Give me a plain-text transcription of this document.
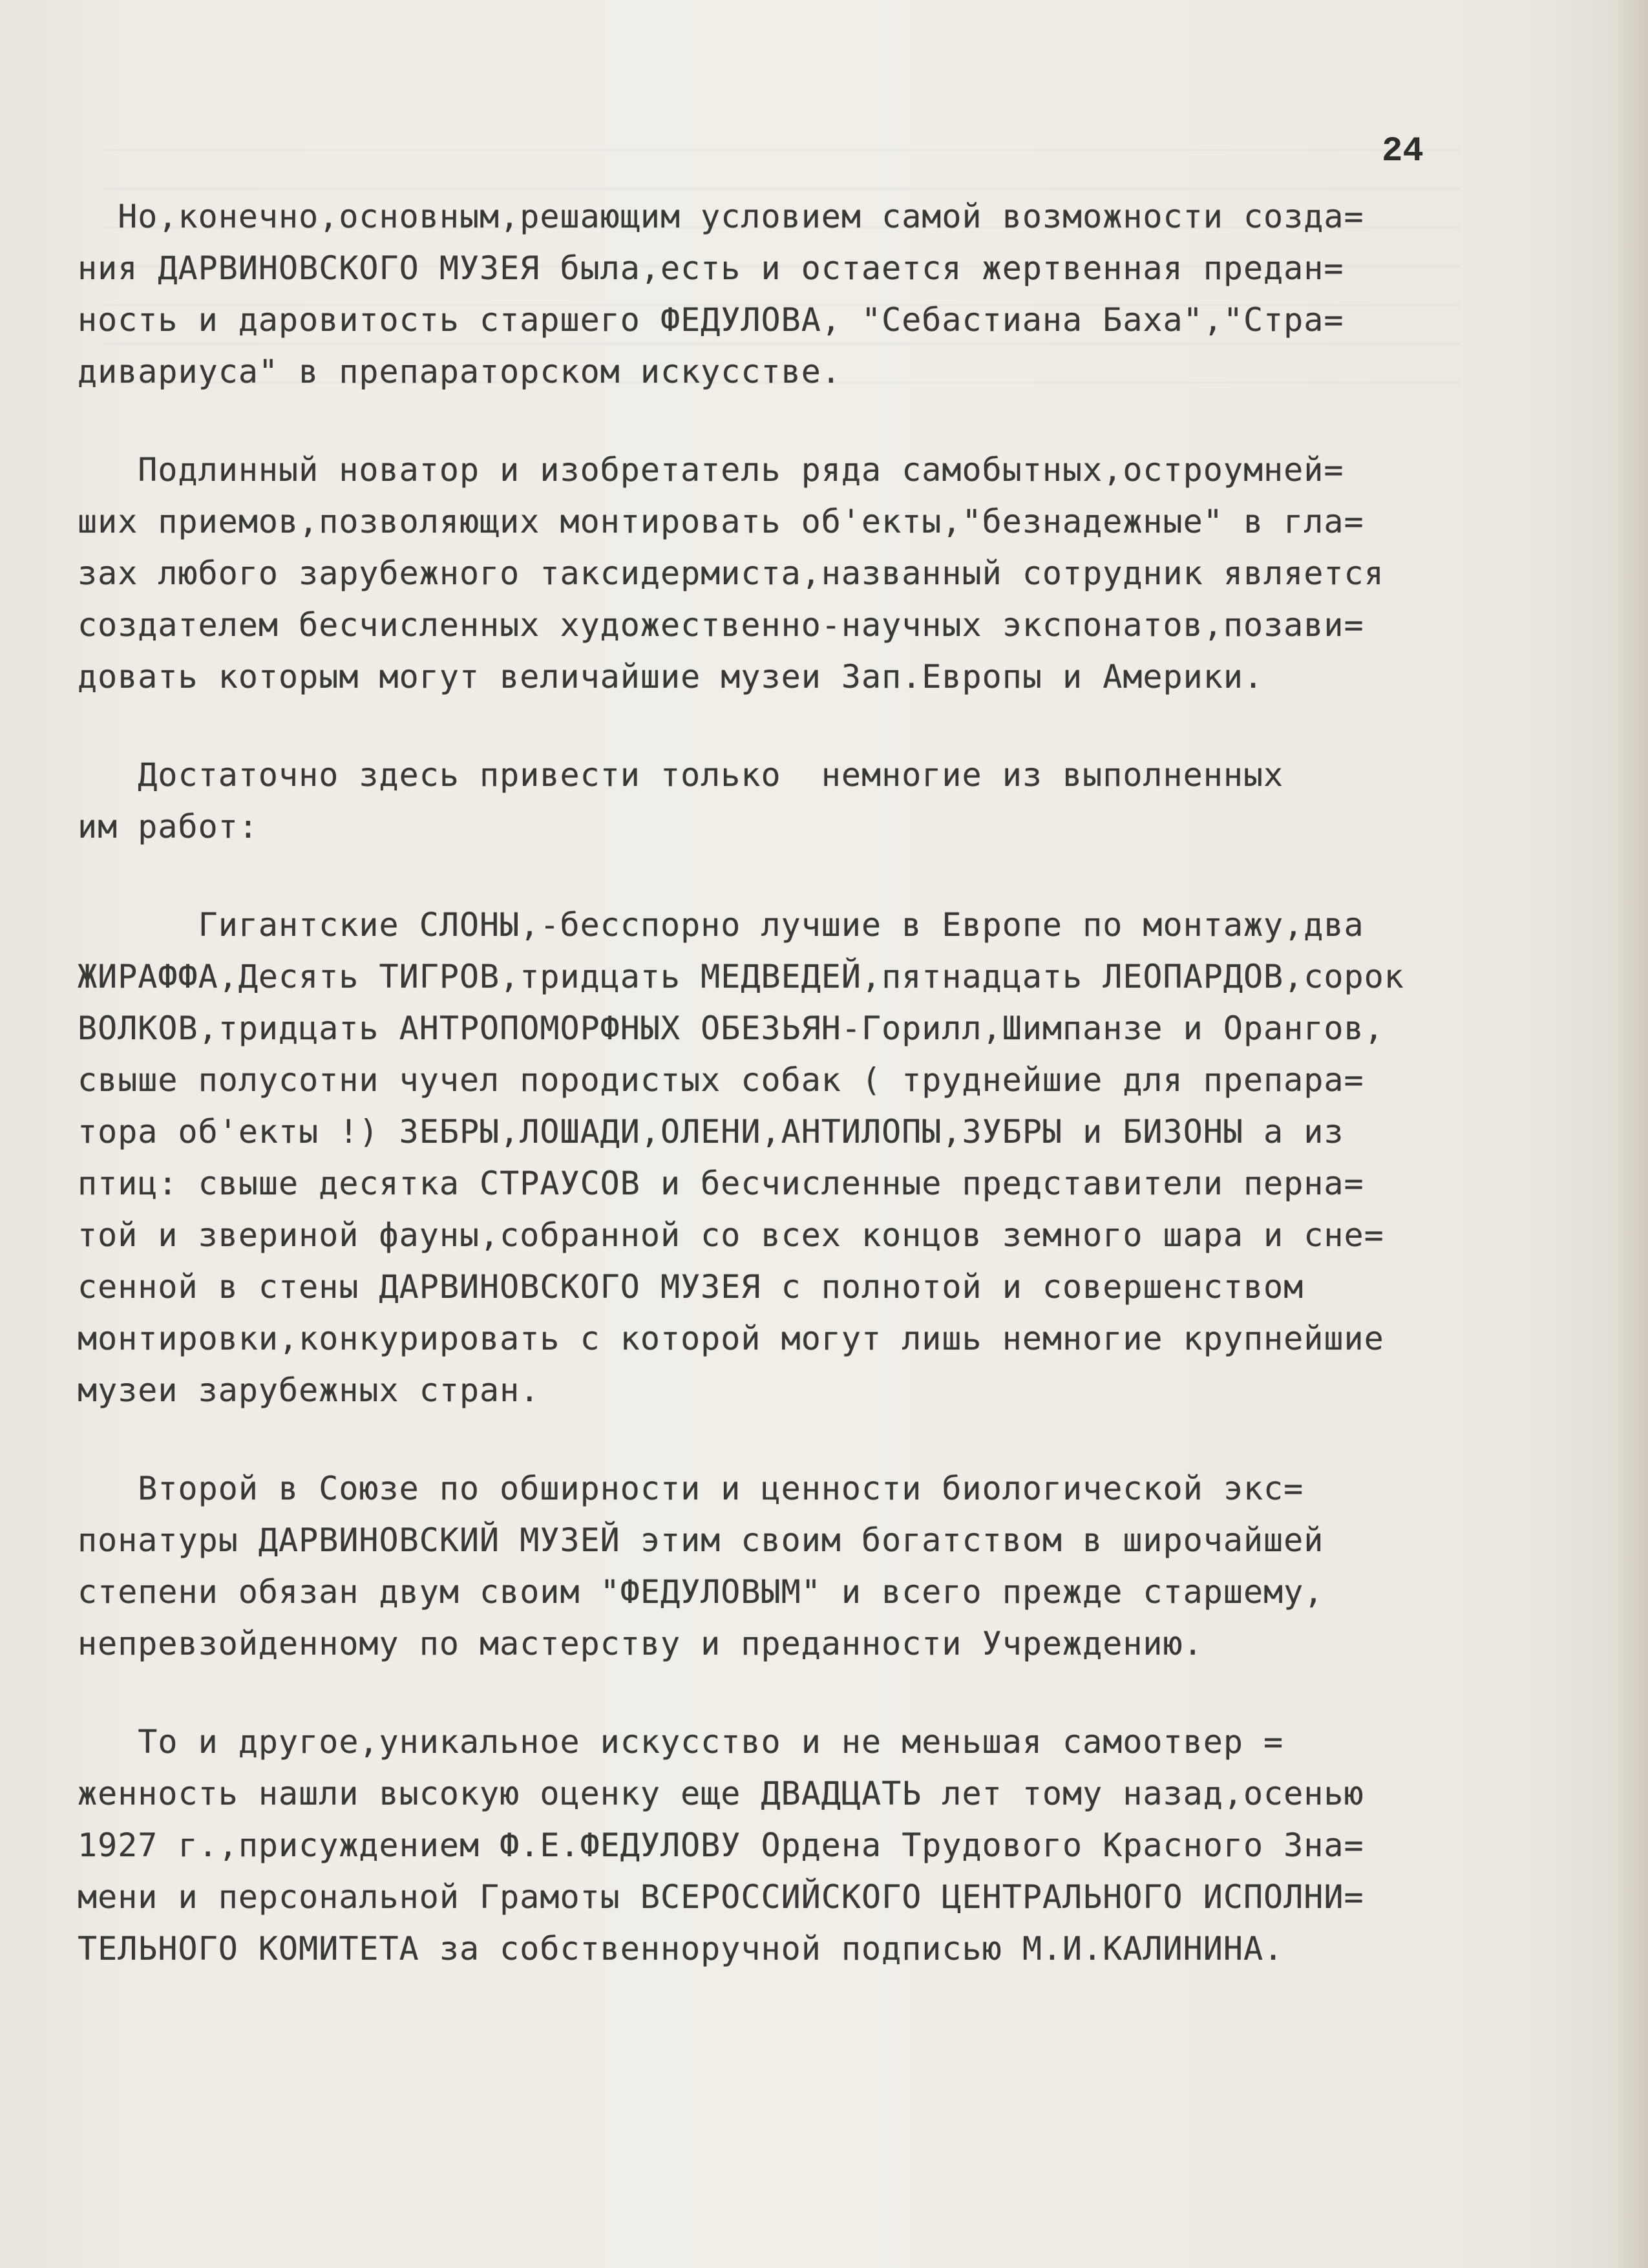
24
Но,конечно,основным,решающим условием самой возможности созда=
ния ДАРВИНОВСКОГО МУЗЕЯ была,есть и остается жертвенная предан=
ность и даровитость старшего ФЕДУЛОВА, "Себастиана Баха","Стра=
дивариуса" в препараторском искусстве.
Подлинный новатор и изобретатель ряда самобытных,остроумней=
ших приемов,позволяющих монтировать об'екты,"безнадежные" в гла=
зах любого зарубежного таксидермиста,названный сотрудник является
создателем бесчисленных художественно-научных экспонатов,позави=
довать которым могут величайшие музеи Зап.Европы и Америки.
Достаточно здесь привести только  немногие из выполненных
им работ:
Гигантские СЛОНЫ,-бесспорно лучшие в Европе по монтажу,два
ЖИРАФФА,Десять ТИГРОВ,тридцать МЕДВЕДЕЙ,пятнадцать ЛЕОПАРДОВ,сорок
ВОЛКОВ,тридцать АНТРОПОМОРФНЫХ ОБЕЗЬЯН-Горилл,Шимпанзе и Орангов,
свыше полусотни чучел породистых собак ( труднейшие для препара=
тора об'екты !) ЗЕБРЫ,ЛОШАДИ,ОЛЕНИ,АНТИЛОПЫ,ЗУБРЫ и БИЗОНЫ а из
птиц: свыше десятка СТРАУСОВ и бесчисленные представители перна=
той и звериной фауны,собранной со всех концов земного шара и сне=
сенной в стены ДАРВИНОВСКОГО МУЗЕЯ с полнотой и совершенством
монтировки,конкурировать с которой могут лишь немногие крупнейшие
музеи зарубежных стран.
Второй в Союзе по обширности и ценности биологической экс=
понатуры ДАРВИНОВСКИЙ МУЗЕЙ этим своим богатством в широчайшей
степени обязан двум своим "ФЕДУЛОВЫМ" и всего прежде старшему,
непревзойденному по мастерству и преданности Учреждению.
То и другое,уникальное искусство и не меньшая самоотвер =
женность нашли высокую оценку еще ДВАДЦАТЬ лет тому назад,осенью
1927 г.,присуждением Ф.Е.ФЕДУЛОВУ Ордена Трудового Красного Зна=
мени и персональной Грамоты ВСЕРОССИЙСКОГО ЦЕНТРАЛЬНОГО ИСПОЛНИ=
ТЕЛЬНОГО КОМИТЕТА за собственноручной подписью М.И.КАЛИНИНА.
